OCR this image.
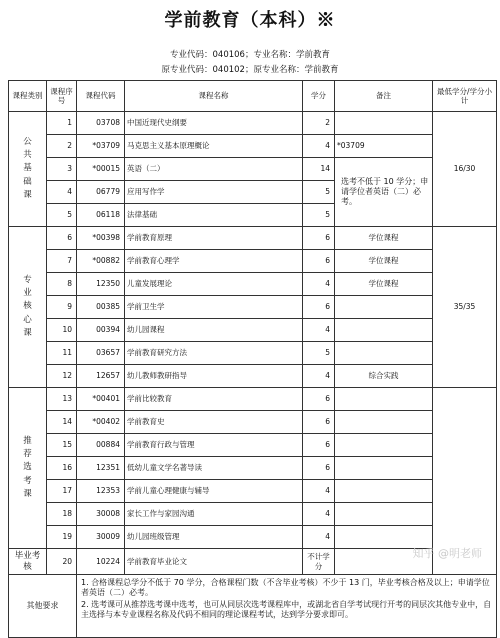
学前教育（本科）※
专业代码：040106；专业名称：学前教育
原专业代码：040102；原专业名称：学前教育
课程类别	课程序号	课程代码	课程名称	学分	备注	最低学分/学分小计
公共基础课	1	03708	中国近现代史纲要	2		16/30
	2	*03709	马克思主义基本原理概论	4	*03709	
	3	*00015	英语（二）	14	选考不低于 10 学分；申请学位者英语（二）必考。	
	4	06779	应用写作学	5		
	5	06118	法律基础	5		
专业核心课	6	*00398	学前教育原理	6	学位课程	35/35
	7	*00882	学前教育心理学	6	学位课程	
	8	12350	儿童发展理论	4	学位课程	
	9	00385	学前卫生学	6		
	10	00394	幼儿园课程	4		
	11	03657	学前教育研究方法	5		
	12	12657	幼儿教师教研指导	4	综合实践	
推荐选考课	13	*00401	学前比较教育	6		
	14	*00402	学前教育史	6		
	15	00884	学前教育行政与管理	6		
	16	12351	低幼儿童文学名著导读	6		
	17	12353	学前儿童心理健康与辅导	4		
	18	30008	家长工作与家园沟通	4		
	19	30009	幼儿园班级管理	4		
毕业考核	20	10224	学前教育毕业论文	不计学分		
其他要求		1. 合格课程总学分不低于 70 学分，合格课程门数（不含毕业考核）不少于 13 门，毕业考核合格及以上；申请学位者英语（二）必考。

2. 选考课可从推荐选考课中选考，也可从同层次选考课程库中，或湖北省自学考试现行开考的同层次其他专业中，自主选择与本专业课程名称及代码不相同的理论课程考试，达到学分要求即可。				

知乎 @明老师
